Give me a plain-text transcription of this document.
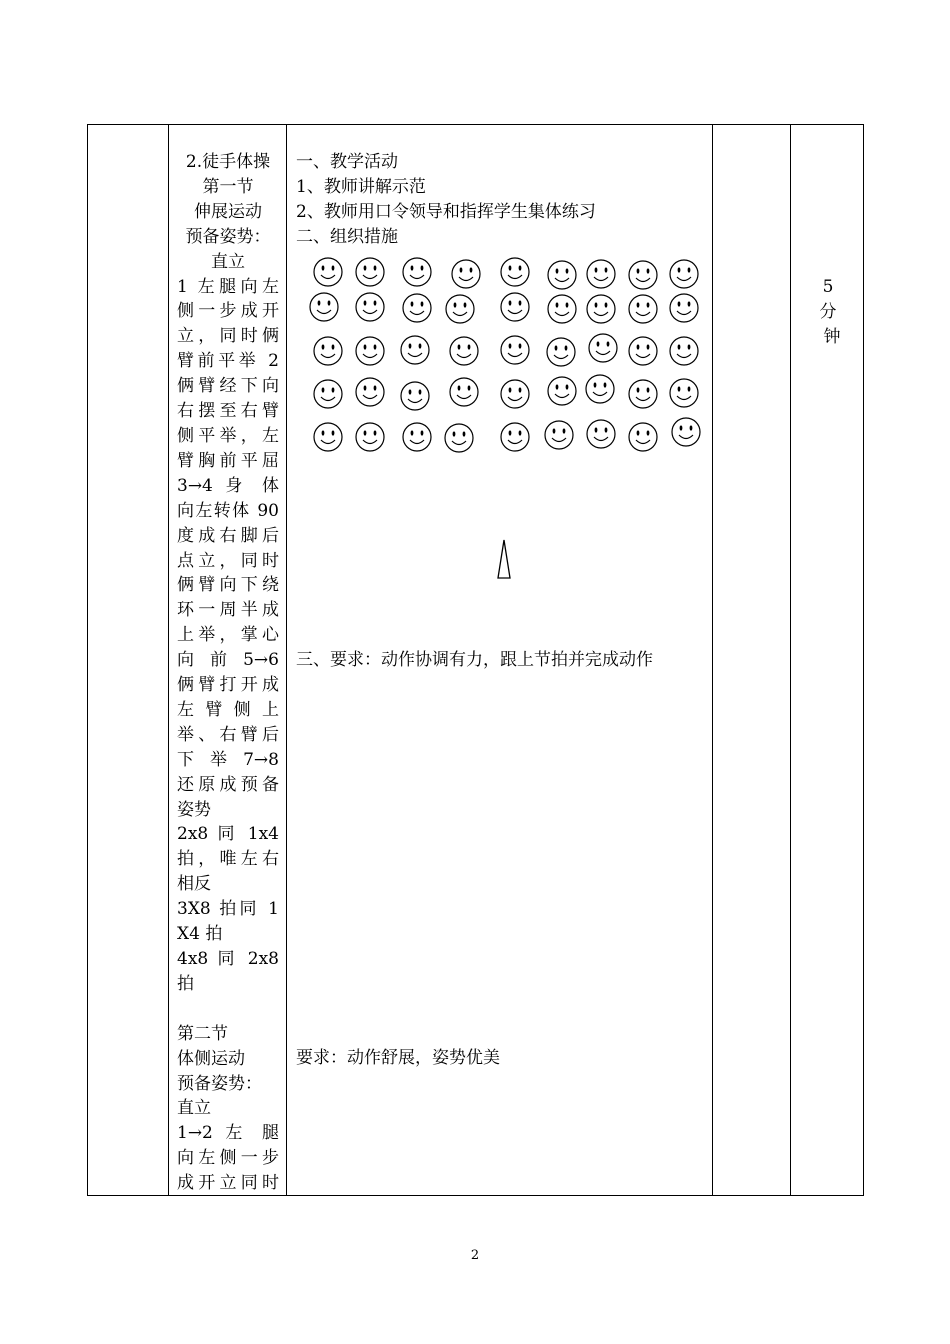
2.徒手体操
第一节
伸展运动
预备姿势：
直立
1 左腿向左
侧一步成开
立，同时俩
臂前平举 2
俩臂经下向
右摆至右臂
侧平举，左
臂胸前平屈
3→4 身 体
向左转体 90
度成右脚后
点立，同时
俩臂向下绕
环一周半成
上举，掌心
向 前 5→6
俩臂打开成
左 臂 侧 上
举、右臂后
下 举 7→8
还原成预备
姿势
2x8 同 1x4
拍，唯左右
相反
3X8 拍同 1
X4 拍
4x8 同 2x8
拍
第二节
体侧运动
预备姿势：
直立
1→2 左 腿
向左侧一步
成开立同时
一、教学活动
1、教师讲解示范
2、教师用口令领导和指挥学生集体练习
二、组织措施
三、要求：动作协调有力，跟上节拍并完成动作
要求：动作舒展，姿势优美
5
分
钟
2
